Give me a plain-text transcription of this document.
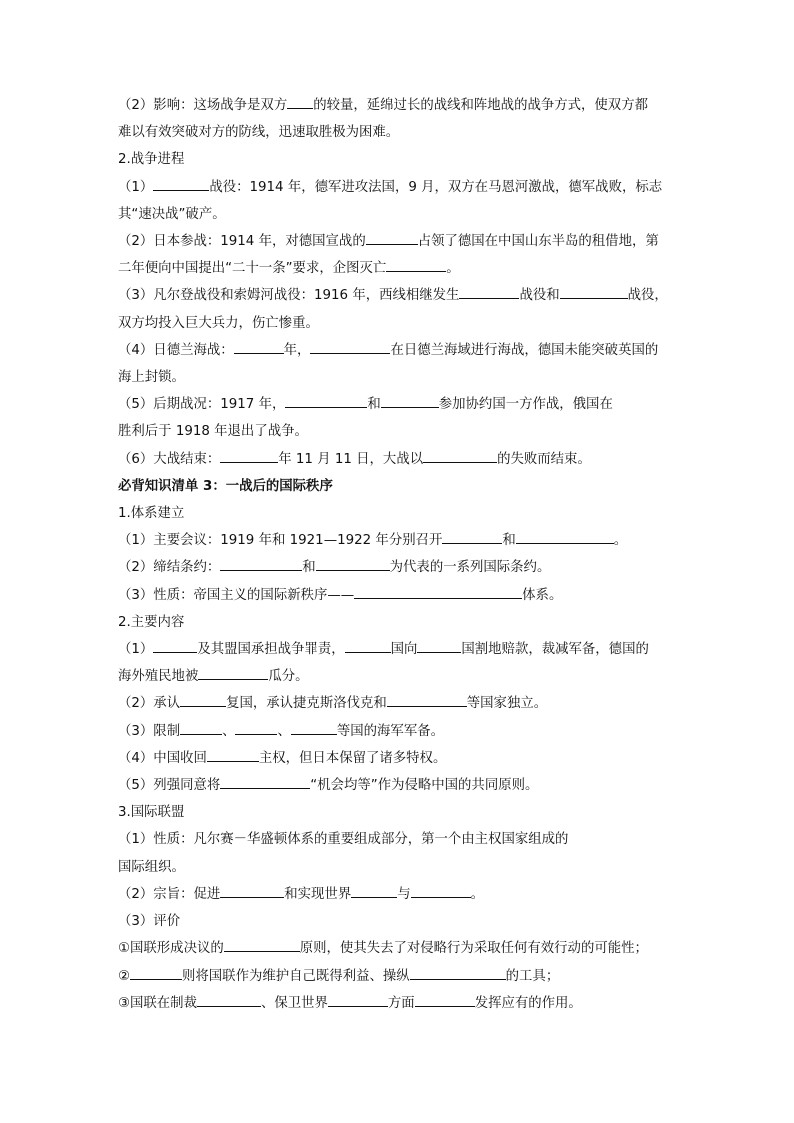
（2）影响：这场战争是双方 的较量，延绵过长的战线和阵地战的战争方式，使双方都
难以有效突破对方的防线，迅速取胜极为困难。
2.战争进程
（1）	战役：1914 年，德军进攻法国，9 月，双方在马恩河激战，德军战败，标志
其“速决战”破产。
（2）日本参战：1914 年，对德国宣战的	占领了德国在中国山东半岛的租借地，第
二年便向中国提出“二十一条”要求，企图灭亡	。
（3）凡尔登战役和索姆河战役：1916 年，西线相继发生	战役和	战役，
双方均投入巨大兵力，伤亡惨重。
（4）日德兰海战：	年，	在日德兰海域进行海战，德国未能突破英国的
海上封锁。
（5）后期战况：1917 年，	和	参加协约国一方作战，俄国在
胜利后于 1918 年退出了战争。
（6）大战结束：	年 11 月 11 日，大战以	的失败而结束。
必背知识清单 3：一战后的国际秩序
1.体系建立
（1）主要会议：1919 年和 1921—1922 年分别召开	和	。
（2）缔结条约：	和	为代表的一系列国际条约。
（3）性质：帝国主义的国际新秩序——	体系。
2.主要内容
（1）	及其盟国承担战争罪责，	国向	国割地赔款，裁减军备，德国的
海外殖民地被	瓜分。
（2）承认	复国，承认捷克斯洛伐克和	等国家独立。
（3）限制	、	、	等国的海军军备。
（4）中国收回	主权，但日本保留了诸多特权。
（5）列强同意将	“机会均等”作为侵略中国的共同原则。
3.国际联盟
（1）性质：凡尔赛－华盛顿体系的重要组成部分，第一个由主权国家组成的
国际组织。
（2）宗旨：促进	和实现世界	与	。
（3）评价
①国联形成决议的	原则，使其失去了对侵略行为采取任何有效行动的可能性；
②	则将国联作为维护自己既得利益、操纵	的工具；
③国联在制裁	、保卫世界	方面	发挥应有的作用。
